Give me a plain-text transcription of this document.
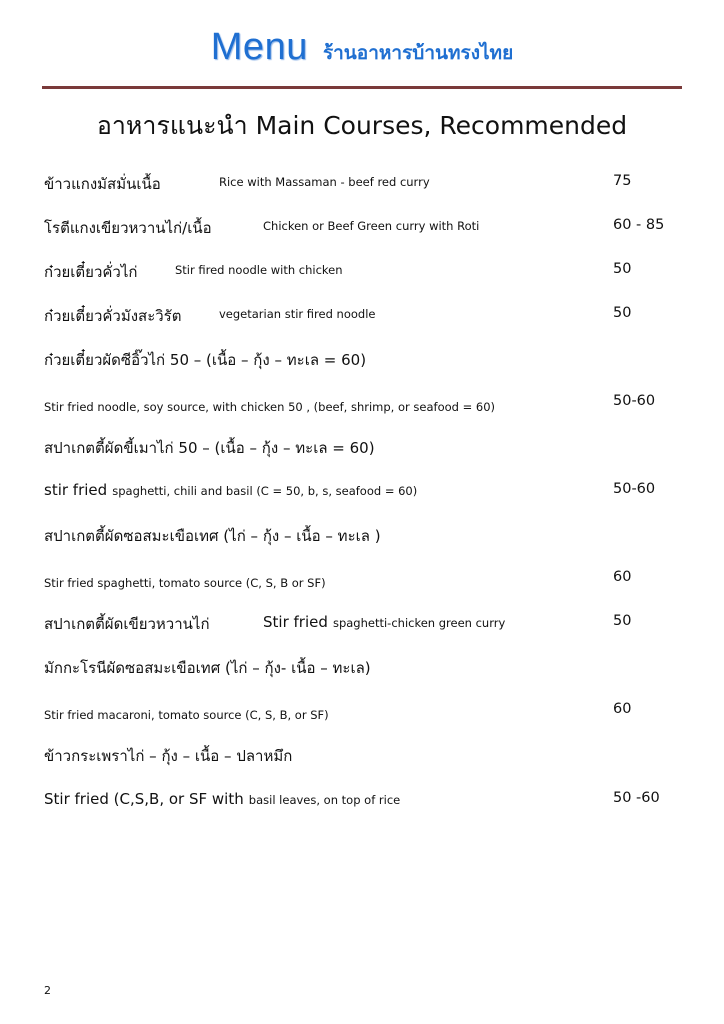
Menu ร้านอาหารบ้านทรงไทย
อาหารแนะนำ Main Courses, Recommended
ข้าวแกงมัสมั่นเนื้อ	Rice with Massaman - beef red curry	75
โรตีแกงเขียวหวานไก่/เนื้อ	Chicken or Beef Green curry with Roti	60 - 85
ก๋วยเตี๋ยวคั่วไก่	Stir fired noodle with chicken	50
ก๋วยเตี๋ยวคั่วมังสะวิรัต	vegetarian stir fired noodle	50
ก๋วยเตี๋ยวผัดซีอิ๊วไก่ 50 – (เนื้อ – กุ้ง – ทะเล = 60)
Stir fried noodle, soy source, with chicken 50 , (beef, shrimp, or seafood = 60)	50-60
สปาเกตตี้ผัดขี้เมาไก่ 50 – (เนื้อ – กุ้ง – ทะเล = 60)
stir fried spaghetti, chili and basil (C = 50, b, s, seafood = 60)	50-60
สปาเกตตี้ผัดซอสมะเขือเทศ (ไก่ – กุ้ง – เนื้อ – ทะเล )
Stir fried spaghetti, tomato source (C, S, B or SF)	60
สปาเกตตี้ผัดเขียวหวานไก่	Stir fried spaghetti-chicken green curry	50
มักกะโรนีผัดซอสมะเขือเทศ (ไก่ – กุ้ง- เนื้อ – ทะเล)
Stir fried macaroni, tomato source (C, S, B, or SF)	60
ข้าวกระเพราไก่ – กุ้ง – เนื้อ – ปลาหมึก
Stir fried (C,S,B, or SF with basil leaves, on top of rice	50 -60
2
